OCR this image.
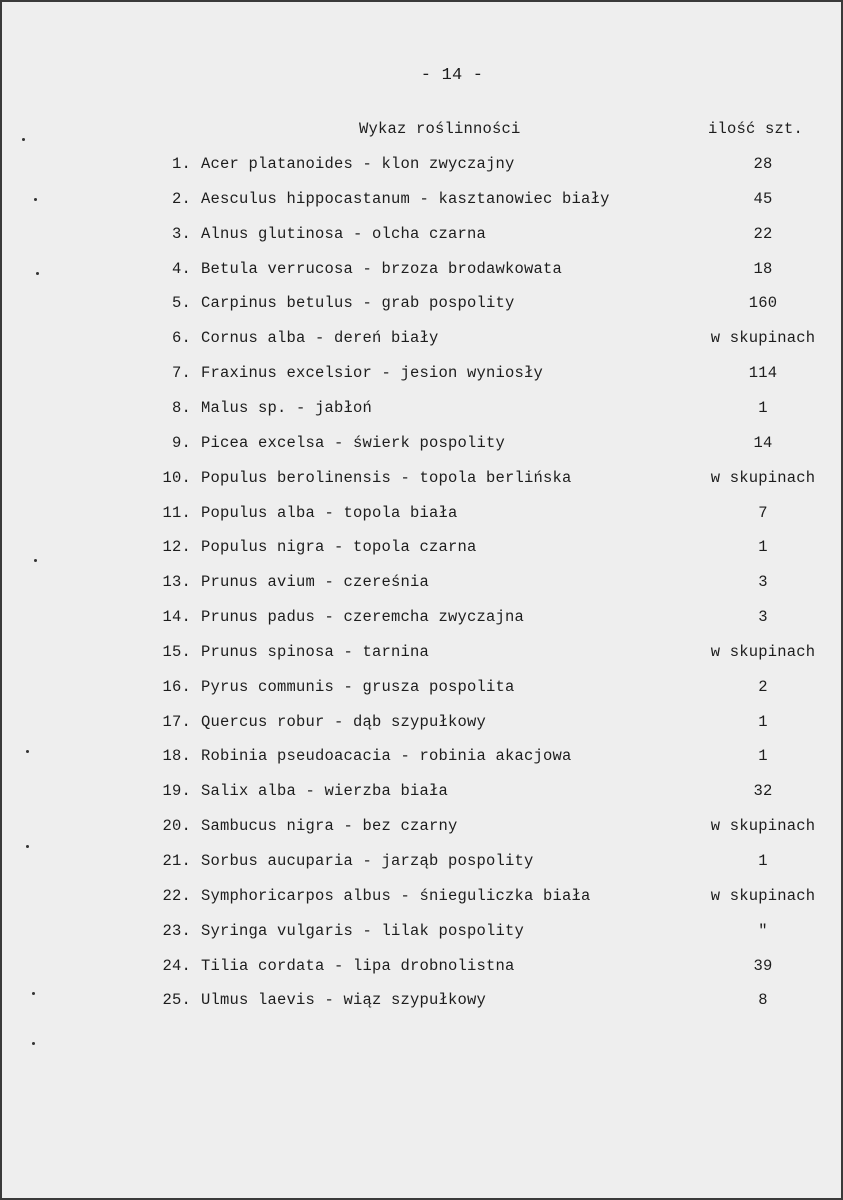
- 14 -
Wykaz roślinności	ilość szt.
1. Acer platanoides - klon zwyczajny	28
2. Aesculus hippocastanum - kasztanowiec biały	45
3. Alnus glutinosa - olcha czarna	22
4. Betula verrucosa - brzoza brodawkowata	18
5. Carpinus betulus - grab pospolity	160
6. Cornus alba - dereń biały	w skupinach
7. Fraxinus excelsior - jesion wyniosły	114
8. Malus sp. - jabłoń	1
9. Picea excelsa - świerk pospolity	14
10. Populus berolinensis - topola berlińska	w skupinach
11. Populus alba - topola biała	7
12. Populus nigra - topola czarna	1
13. Prunus avium - czereśnia	3
14. Prunus padus - czeremcha zwyczajna	3
15. Prunus spinosa - tarnina	w skupinach
16. Pyrus communis - grusza pospolita	2
17. Quercus robur - dąb szypułkowy	1
18. Robinia pseudoacacia - robinia akacjowa	1
19. Salix alba - wierzba biała	32
20. Sambucus nigra - bez czarny	w skupinach
21. Sorbus aucuparia - jarząb pospolity	1
22. Symphoricarpos albus - śnieguliczka biała	w skupinach
23. Syringa vulgaris - lilak pospolity	"
24. Tilia cordata - lipa drobnolistna	39
25. Ulmus laevis - wiąz szypułkowy	8
